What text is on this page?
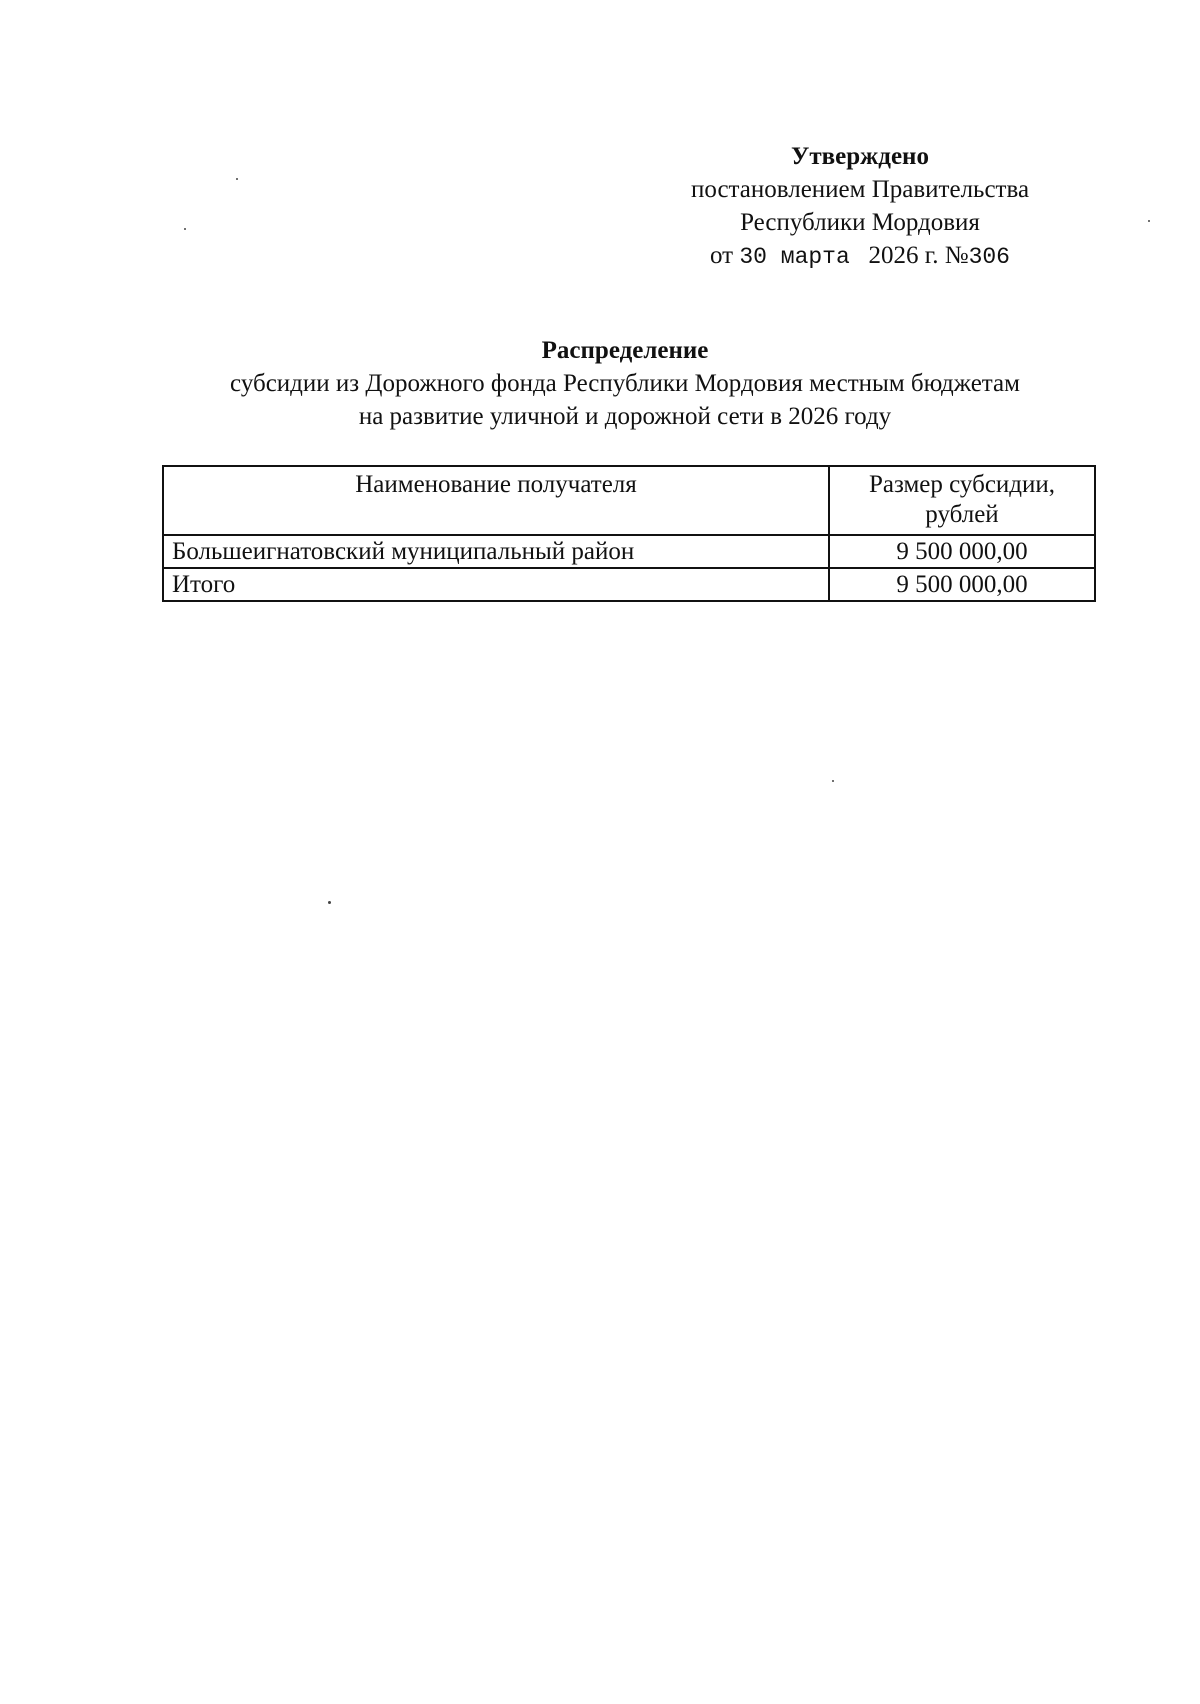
Утверждено
постановлением Правительства
Республики Мордовия
от 30 марта 2026 г. №306
Распределение
субсидии из Дорожного фонда Республики Мордовия местным бюджетам
на развитие уличной и дорожной сети в 2026 году
Наименование получателя	Размер субсидии,
рублей
Большеигнатовский муниципальный район	9 500 000,00
Итого	9 500 000,00
